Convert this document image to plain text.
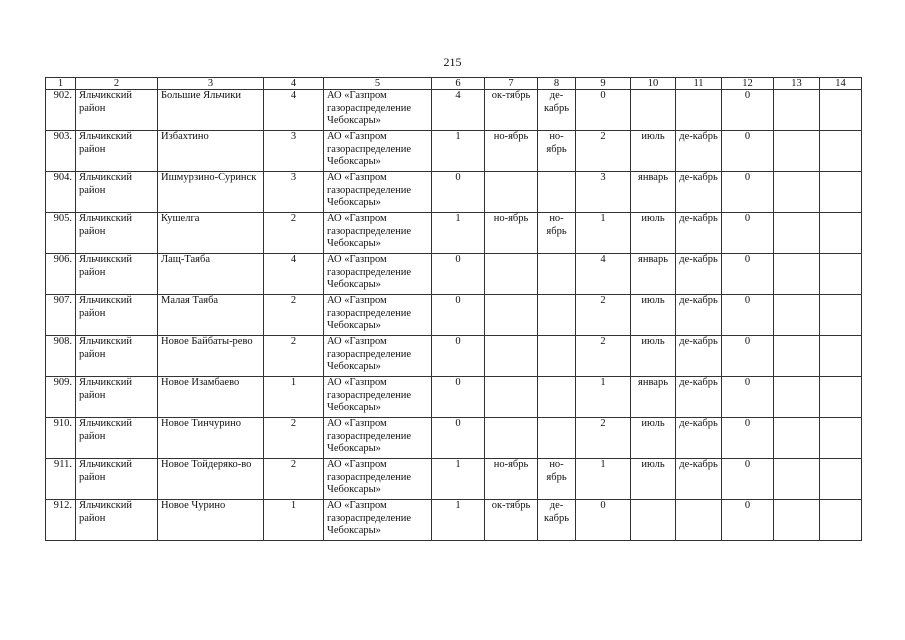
215
1	2	3	4	5	6	7	8	9	10	11	12	13	14
902.	Яльчикский район	Большие Яльчики	4	АО «Газпром газораспределение Чебоксары»	4	ок-тябрь	де-кабрь	0			0		
903.	Яльчикский район	Избахтино	3	АО «Газпром газораспределение Чебоксары»	1	но-ябрь	но-ябрь	2	июль	де-кабрь	0		
904.	Яльчикский район	Ишмурзино-Суринск	3	АО «Газпром газораспределение Чебоксары»	0			3	январь	де-кабрь	0		
905.	Яльчикский район	Кушелга	2	АО «Газпром газораспределение Чебоксары»	1	но-ябрь	но-ябрь	1	июль	де-кабрь	0		
906.	Яльчикский район	Лащ-Таяба	4	АО «Газпром газораспределение Чебоксары»	0			4	январь	де-кабрь	0		
907.	Яльчикский район	Малая Таяба	2	АО «Газпром газораспределение Чебоксары»	0			2	июль	де-кабрь	0		
908.	Яльчикский район	Новое Байбаты-рево	2	АО «Газпром газораспределение Чебоксары»	0			2	июль	де-кабрь	0		
909.	Яльчикский район	Новое Изамбаево	1	АО «Газпром газораспределение Чебоксары»	0			1	январь	де-кабрь	0		
910.	Яльчикский район	Новое Тинчурино	2	АО «Газпром газораспределение Чебоксары»	0			2	июль	де-кабрь	0		
911.	Яльчикский район	Новое Тойдеряко-во	2	АО «Газпром газораспределение Чебоксары»	1	но-ябрь	но-ябрь	1	июль	де-кабрь	0		
912.	Яльчикский район	Новое Чурино	1	АО «Газпром газораспределение Чебоксары»	1	ок-тябрь	де-кабрь	0			0		
